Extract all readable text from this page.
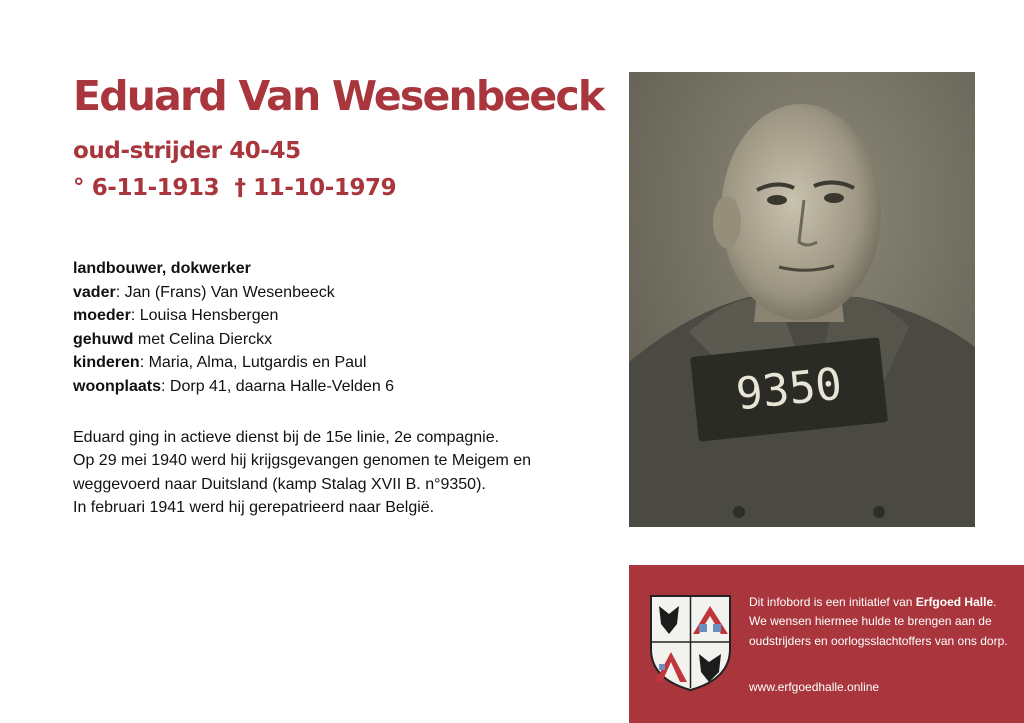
Eduard Van Wesenbeeck
oud-strijder 40-45
° 6-11-1913  † 11-10-1979
landbouwer, dokwerker
vader: Jan (Frans) Van Wesenbeeck
moeder: Louisa Hensbergen
gehuwd met Celina Dierckx
kinderen: Maria, Alma, Lutgardis en Paul
woonplaats: Dorp 41, daarna Halle-Velden 6
Eduard ging in actieve dienst bij de 15e linie, 2e compagnie.
Op 29 mei 1940 werd hij krijgsgevangen genomen te Meigem en
weggevoerd naar Duitsland (kamp Stalag XVII B. n°9350).
In februari 1941 werd hij gerepatrieerd naar België.
9350
Dit infobord is een initiatief van Erfgoed Halle. We wensen hiermee hulde te brengen aan de oudstrijders en oorlogsslachtoffers van ons dorp.
www.erfgoedhalle.online
